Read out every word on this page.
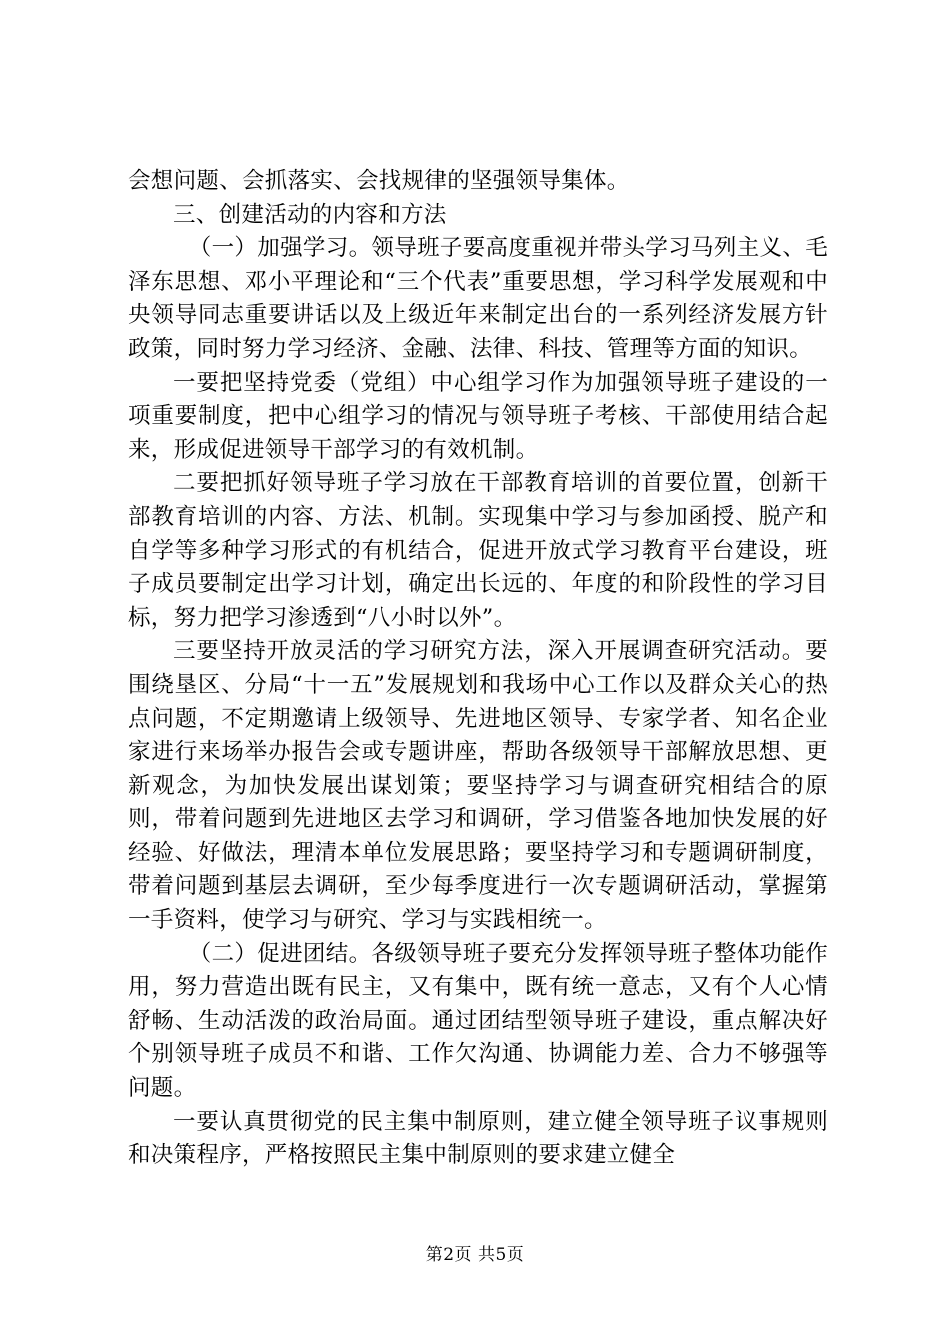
会想问题、会抓落实、会找规律的坚强领导集体。

三、创建活动的内容和方法

（一）加强学习。领导班子要高度重视并带头学习马列主义、毛泽东思想、邓小平理论和“三个代表”重要思想，学习科学发展观和中央领导同志重要讲话以及上级近年来制定出台的一系列经济发展方针政策，同时努力学习经济、金融、法律、科技、管理等方面的知识。

一要把坚持党委（党组）中心组学习作为加强领导班子建设的一项重要制度，把中心组学习的情况与领导班子考核、干部使用结合起来，形成促进领导干部学习的有效机制。

二要把抓好领导班子学习放在干部教育培训的首要位置，创新干部教育培训的内容、方法、机制。实现集中学习与参加函授、脱产和自学等多种学习形式的有机结合，促进开放式学习教育平台建设，班子成员要制定出学习计划，确定出长远的、年度的和阶段性的学习目标，努力把学习渗透到“八小时以外”。

三要坚持开放灵活的学习研究方法，深入开展调查研究活动。要围绕垦区、分局“十一五”发展规划和我场中心工作以及群众关心的热点问题，不定期邀请上级领导、先进地区领导、专家学者、知名企业家进行来场举办报告会或专题讲座，帮助各级领导干部解放思想、更新观念，为加快发展出谋划策；要坚持学习与调查研究相结合的原则，带着问题到先进地区去学习和调研，学习借鉴各地加快发展的好经验、好做法，理清本单位发展思路；要坚持学习和专题调研制度，带着问题到基层去调研，至少每季度进行一次专题调研活动，掌握第一手资料，使学习与研究、学习与实践相统一。

（二）促进团结。各级领导班子要充分发挥领导班子整体功能作用，努力营造出既有民主，又有集中，既有统一意志，又有个人心情舒畅、生动活泼的政治局面。通过团结型领导班子建设，重点解决好个别领导班子成员不和谐、工作欠沟通、协调能力差、合力不够强等问题。

一要认真贯彻党的民主集中制原则，建立健全领导班子议事规则和决策程序，严格按照民主集中制原则的要求建立健全

第2页 共5页
